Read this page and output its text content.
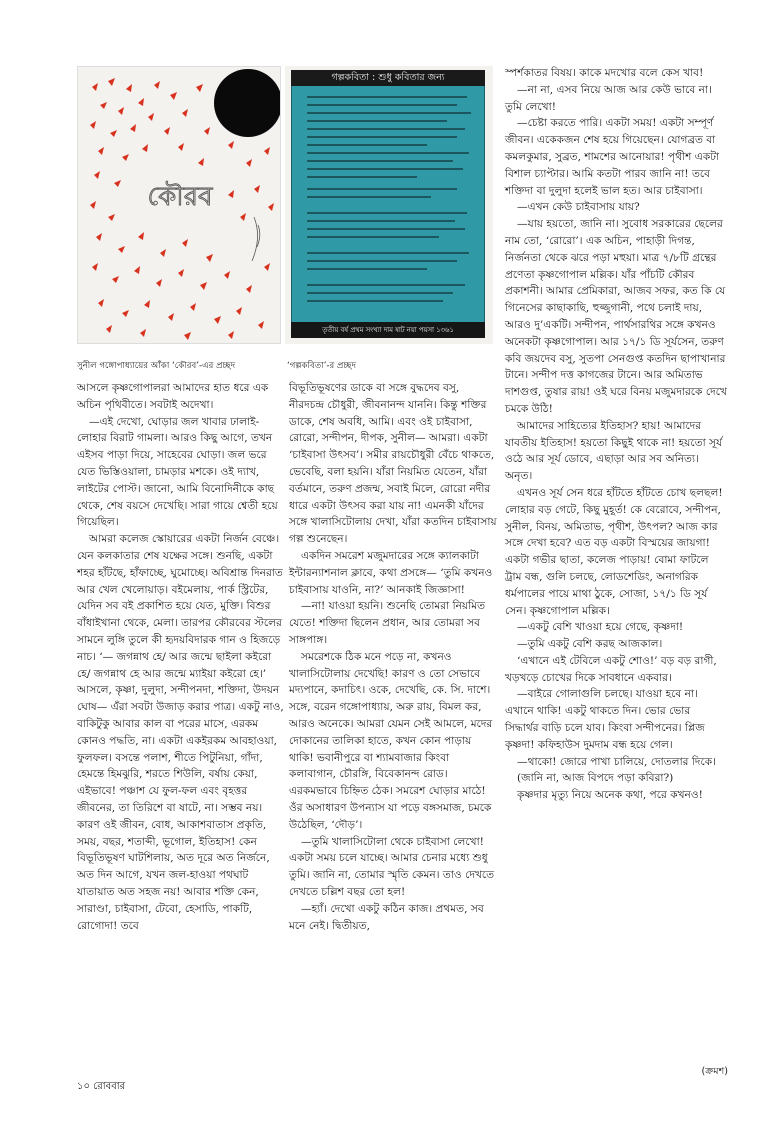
কৌরব
সুনীল গঙ্গোপাধ্যায়ের আঁকা ‘কৌরব’-এর প্রচ্ছদ
গল্পকবিতা : শুধু কবিতার জন্য
তৃতীয় বর্ষ প্রথম সংখ্যা দাম ষাট নয়া পয়সা ১৩৬১
‘গল্পকবিতা’-র প্রচ্ছদ

আসলে কৃষ্ণগোপালরা আমাদের হাত ধরে এক অচিন পৃথিবীতে। সবটাই অদেখা।

—এই দেখো, ঘোড়ার জল খাবার ঢালাই-লোহার বিরাট গামলা। আরও কিছু আগে, তখন এইসব পাড়া দিয়ে, সাহেবের ঘোড়া। জল ভরে যেত ভিস্তিওয়ালা, চামড়ার মশকে। ওই দ্যাখ, লাইটের পোস্ট। জানো, আমি বিনোদিনীকে কাছ থেকে, শেষ বয়সে দেখেছি। সারা গায়ে শ্বেতী হয়ে গিয়েছিল।

আমরা কলেজ স্কোয়ারের একটা নির্জন বেঞ্চে। যেন কলকাতার শেষ যক্ষের সঙ্গে। শুনছি, একটা শহর হাঁটছে, হাঁফাচ্ছে, ঘুমোচ্ছে। অবিশ্রান্ত দিনরাত আর খেল খেলোয়াড়। বইমেলায়, পার্ক স্ট্রিটের, যেদিন সব বই প্রকাশিত হয়ে যেত, মুক্তি। বিশুর বাঁধাইখানা থেকে, মেলা। তারপর কৌরবের স্টলের সামনে লুঙ্গি তুলে কী হৃদয়বিদারক গান ও হিজড়ে নাচ। ‘— জগন্নাথ হে/ আর জন্মে ছাইলা কইরো হে/ জগন্নাথ হে আর জন্মে ম্যাইয়া কইরো হে।’ আসলে, কৃষ্ণা, দুলুদা, সন্দীপনদা, শক্তিদা, উদয়ন ঘোষ— এঁরা সবটা উজাড় করার পাত্র। একটু নাও, বাকিটুকু আবার কাল বা পরের মাসে, এরকম কোনও পদ্ধতি, না। একটা একইরকম আবহাওয়া, ফুলফল। বসন্তে পলাশ, শীতে পিটুনিয়া, গাঁদা, হেমন্তে হিমঝুরি, শরতে শিউলি, বর্ষায় কেয়া, এইভাবে! পঞ্চাশ যে ফুল-ফল এবং বৃহত্তর জীবনের, তা তিরিশে বা ষাটে, না। সম্ভব নয়। কারণ ওই জীবন, বোধ, আকাশবাতাস প্রকৃতি, সময়, বছর, শতাব্দী, ভূগোল, ইতিহাস! কেন বিভূতিভূষণ ঘাটশিলায়, অত দূরে অত নির্জনে, অত দিন আগে, যখন জল-হাওয়া পথঘাট যাতায়াত অত সহজ নয়! আবার শক্তি কেন, সারাণ্ডা, চাইবাসা, টেবো, হেসাডি, পাকটি, রোগোদা! তবে

বিভূতিভূষণের ডাকে বা সঙ্গে বুদ্ধদেব বসু, নীরদচন্দ্র চৌধুরী, জীবনানন্দ যাননি। কিন্তু শক্তির ডাকে, শেষ অবধি, আমি। এবং ওই চাইবাসা, রোরো, সন্দীপন, দীপক, সুনীল— আমরা। একটা ‘চাইবাসা উৎসব’। সমীর রায়চৌধুরী বেঁচে থাকতে, ভেবেছি, বলা হয়নি। যাঁরা নিয়মিত যেতেন, যাঁরা বর্তমানে, তরুণ প্রজন্ম, সবাই মিলে, রোরো নদীর ধারে একটা উৎসব করা যায় না! এমনকী যাঁদের সঙ্গে খালাসিটোলায় দেখা, যাঁরা কতদিন চাইবাসায় গল্প শুনেছেন।

একদিন সমরেশ মজুমদারের সঙ্গে ক্যালকাটা ইন্টারন্যাশনাল ক্লাবে, কথা প্রসঙ্গে— ‘তুমি কখনও চাইবাসায় যাওনি, না?’ আনকাই জিজ্ঞাসা!

—না! যাওয়া হয়নি। শুনেছি তোমরা নিয়মিত যেতে! শক্তিদা ছিলেন প্রধান, আর তোমরা সব সাঙ্গপাঙ্গ।

সমরেশকে ঠিক মনে পড়ে না, কখনও খালাসিটোলায় দেখেছি! কারণ ও তো সেভাবে মদ্যপানে, কদাচিৎ। ওকে, দেখেছি, কে. সি. দাশে। সঙ্গে, বরেন গঙ্গোপাধ্যায়, অরু রায়, বিমল কর, আরও অনেকে। আমরা যেমন সেই আমলে, মদের দোকানের তালিকা হাতে, কখন কোন পাড়ায় থাকি! ভবানীপুরে বা শ্যামবাজার কিংবা কলাবাগান, চৌরঙ্গি, বিবেকানন্দ রোড। এরকমভাবে চিহ্নিত ঠেক। সমরেশ ঘোড়ার মাঠে! ওঁর অসাধারণ উপন্যাস যা পড়ে বঙ্গসমাজ, চমকে উঠেছিল, ‘দৌড়’।

—তুমি খালাসিটোলা থেকে চাইবাসা লেখো! একটা সময় চলে যাচ্ছে। আমার চেনার মধ্যে শুধু তুমি। জানি না, তোমার স্মৃতি কেমন। তাও দেখতে দেখতে চল্লিশ বছর তো হল!

—হ্যাঁ। দেখো একটু কঠিন কাজ। প্রথমত, সব মনে নেই। দ্বিতীয়ত,

স্পর্শকাতর বিষয়। কাকে মদখোর বলে কেস খাব!

—না না, এসব নিয়ে আজ আর কেউ ভাবে না। তুমি লেখো!

—চেষ্টা করতে পারি। একটা সময়! একটা সম্পূর্ণ জীবন। একেকজন শেষ হয়ে গিয়েছেন। যোগব্রত বা কমলকুমার, সুব্রত, শামশের আনোয়ার! পৃথীশ একটা বিশাল চ্যাপ্টার। আমি কতটা পারব জানি না! তবে শক্তিদা বা দুলুদা হলেই ভাল হত। আর চাইবাসা।

—এখন কেউ চাইবাসায় যায়?

—যায় হয়তো, জানি না। সুবোধ সরকারের ছেলের নাম তো, ‘রোরো’। এক অচিন, পাহাড়ী দিগন্ত, নির্জনতা থেকে ঝরে পড়া মহুয়া। মাত্র ৭/৮টি গ্রন্থের প্রণেতা কৃষ্ণগোপাল মল্লিক। যাঁর পাঁচটি কৌরব প্রকাশনী। আমার প্রেমিকারা, আজব সফর, কত কি যে গিনেসের কাছাকাছি, হুজ্জুগানী, পথে চলাই দায়, আরও দু’একটি। সন্দীপন, পার্থসারথির সঙ্গে কখনও অনেকটা কৃষ্ণগোপাল। আর ১৭/১ ডি সূর্যসেন, তরুণ কবি জয়দেব বসু, সুতপা সেনগুপ্ত কতদিন ছাপাখানার টানে। সন্দীপ দত্ত কাগজের টানে। আর অমিতাভ দাশগুপ্ত, তুষার রায়! ওই ঘরে বিনয় মজুমদারকে দেখে চমকে উঠি!

আমাদের সাহিত্যের ইতিহাস? হায়! আমাদের যাবতীয় ইতিহাস! হয়তো কিছুই থাকে না! হয়তো সূর্য ওঠে আর সূর্য ডোবে, এছাড়া আর সব অনিত্য। অনৃত।

এখনও সূর্য সেন ধরে হাঁটতে হাঁটতে চোখ ছলছল! লোহার বড় গেটে, কিছু মুহূর্ত! কে বেরোবে, সন্দীপন, সুনীল, বিনয়, অমিতাভ, পৃথীশ, উৎপল? আজ কার সঙ্গে দেখা হবে? এত বড় একটা বিস্ময়ের জায়গা! একটা গভীর ছাতা, কলেজ পাড়ায়! বোমা ফাটলে ট্রাম বন্ধ, গুলি চলছে, লোডশেডিং, অনাগরিক ধর্মপালের পায়ে মাথা ঠুকে, সোজা, ১৭/১ ডি সূর্য সেন। কৃষ্ণগোপাল মল্লিক।

—একটু বেশি খাওয়া হয়ে গেছে, কৃষ্ণদা!

—তুমি একটু বেশি করছ আজকাল।

‘এখানে এই টেবিলে একটু শোও!’ বড় বড় রাগী, খড়খড়ে চোখের দিকে সাবধানে একবার।

—বাইরে গোলাগুলি চলছে। যাওয়া হবে না। এখানে থাকি! একটু থাকতে দিন। ভোর ভোর সিদ্ধার্থর বাড়ি চলে যাব। কিংবা সন্দীপনের। প্লিজ কৃষ্ণদা! কফিহাউস দুমদাম বন্ধ হয়ে গেল।

—থাকো! জোরে পাখা চালিয়ে, দোতলার দিকে।

(জানি না, আজ বিপদে পড়া কবিরা?)

কৃষ্ণদার মৃত্যু নিয়ে অনেক কথা, পরে কখনও!

(ক্রমশ)
১০ রোববার
